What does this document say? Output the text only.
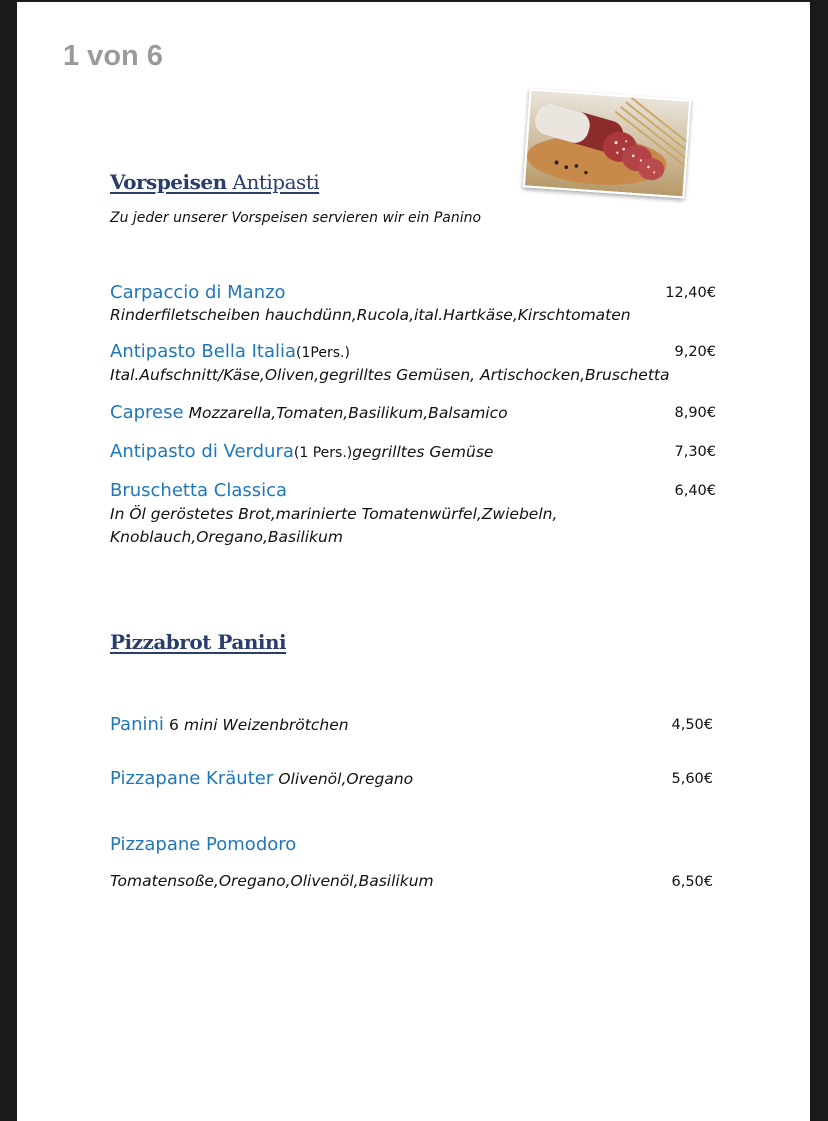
1 von 6
Vorspeisen Antipasti
Zu jeder unserer Vorspeisen servieren wir ein Panino
Carpaccio di Manzo	12,40€
Rinderfiletscheiben hauchdünn,Rucola,ital.Hartkäse,Kirschtomaten
Antipasto Bella Italia(1Pers.)	9,20€
Ital.Aufschnitt/Käse,Oliven,gegrilltes Gemüsen, Artischocken,Bruschetta
Caprese Mozzarella,Tomaten,Basilikum,Balsamico	8,90€
Antipasto di Verdura(1 Pers.)gegrilltes Gemüse	7,30€
Bruschetta Classica	6,40€
In Öl geröstetes Brot,marinierte Tomatenwürfel,Zwiebeln,
Knoblauch,Oregano,Basilikum
Pizzabrot Panini
Panini 6 mini Weizenbrötchen	4,50€
Pizzapane Kräuter Olivenöl,Oregano	5,60€
Pizzapane Pomodoro
Tomatensoße,Oregano,Olivenöl,Basilikum	6,50€
